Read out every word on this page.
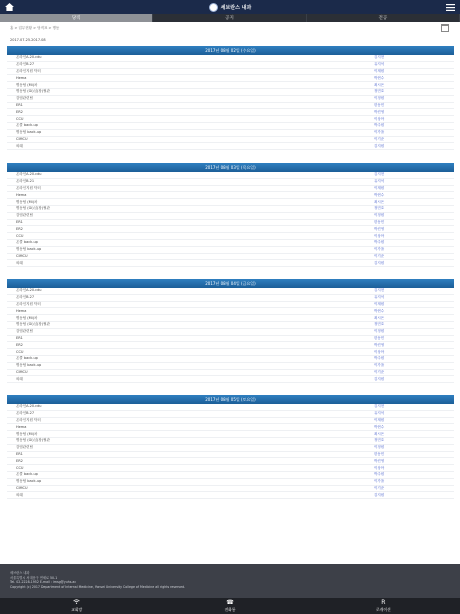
세브란스 내과
당직	공지	전공
홈 > 업무현황 > 당직표 > 병동
2017.07.25.2017.08
2017년 08월 02일 (수요일)
온라인A.20.cdu	김지현
온라인B.27	유지석
온라인지원 닥터	이재원
Hema	박현수
병동팀 (Mi)차	최시은
병동팀 (Gi)심(장)혈관	정민호
감염관련팀	이정원
ER1	한동민
ER2	박진영
CCU	이상아
온콜 back-up	박주원
병동팀 back-up	이가을
CIMCU	이기준
외래	김지원
2017년 08월 03일 (목요일)
온라인A.20.cdu	김지현
온라인B.21	유지석
온라인지원 닥터	이재원
Hema	박현수
병동팀 (Mi)차	최시은
병동팀 (Gi)심(장)혈관	정민호
감염관련팀	이정원
ER1	한동민
ER2	박진영
CCU	이상아
온콜 back-up	박주원
병동팀 back-up	이가을
CIMCU	이기준
외래	김지원
2017년 08월 04일 (금요일)
온라인A.20.cdu	김지현
온라인B.27	유지석
온라인지원 닥터	이재원
Hema	박현수
병동팀 (Mi)차	최시은
병동팀 (Gi)심(장)혈관	정민호
감염관련팀	이정원
ER1	한동민
ER2	박진영
CCU	이상아
온콜 back-up	박주원
병동팀 back-up	이가을
CIMCU	이기준
외래	김지원
2017년 08월 05일 (토요일)
온라인A.20.cdu	김지현
온라인B.27	유지석
온라인지원 닥터	이재원
Hema	박현수
병동팀 (Mi)차	최시은
병동팀 (Gi)심(장)혈관	정민호
감염관련팀	이정원
ER1	한동민
ER2	박진영
CCU	이상아
온콜 back-up	박주원
병동팀 back-up	이가을
CIMCU	이기준
외래	김지원
세브란스 내과
서울특별시 서대문구 연세로 50-1
Tel. 02-2228-1952 E-mail : imsg@yuhs.ac
Copyright (c) 2017 Department of Internal Medicine, Yonsei University College of Medicine all rights reserved.
교회망
☎
전화통
R
로캐이션
